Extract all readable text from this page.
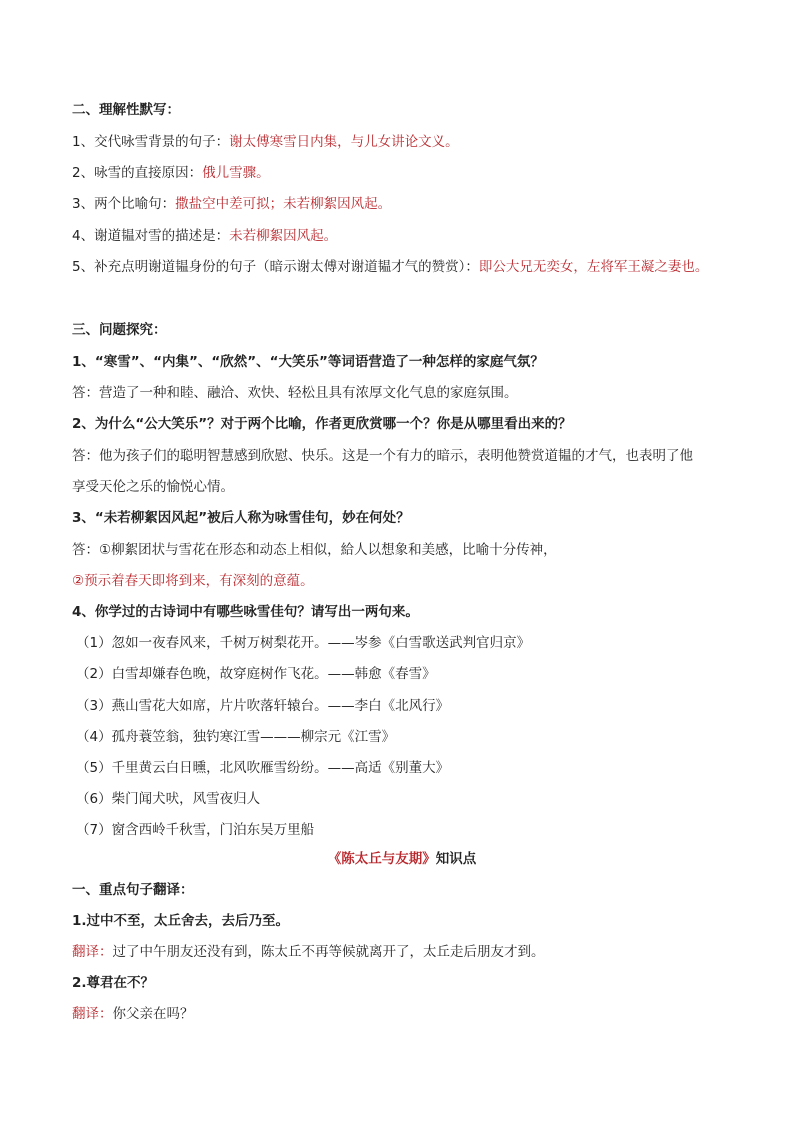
二、理解性默写：
1、交代咏雪背景的句子：谢太傅寒雪日内集，与儿女讲论文义。
2、咏雪的直接原因：俄儿雪骤。
3、两个比喻句：撒盐空中差可拟；未若柳絮因风起。
4、谢道韫对雪的描述是：未若柳絮因风起。
5、补充点明谢道韫身份的句子（暗示谢太傅对谢道韫才气的赞赏）：即公大兄无奕女，左将军王凝之妻也。
三、问题探究：
1、“寒雪”、“内集”、“欣然”、“大笑乐”等词语营造了一种怎样的家庭气氛？
答：营造了一种和睦、融洽、欢快、轻松且具有浓厚文化气息的家庭氛围。
2、为什么“公大笑乐”？对于两个比喻，作者更欣赏哪一个？你是从哪里看出来的？
答：他为孩子们的聪明智慧感到欣慰、快乐。这是一个有力的暗示，表明他赞赏道韫的才气，也表明了他
享受天伦之乐的愉悦心情。
3、“未若柳絮因风起”被后人称为咏雪佳句，妙在何处？
答：①柳絮团状与雪花在形态和动态上相似，給人以想象和美感，比喻十分传神，
②预示着春天即将到来，有深刻的意蕴。
4、你学过的古诗词中有哪些咏雪佳句？请写出一两句来。
（1）忽如一夜春风来，千树万树梨花开。——岑参《白雪歌送武判官归京》
（2）白雪却嫌春色晚，故穿庭树作飞花。——韩愈《春雪》
（3）燕山雪花大如席，片片吹落轩辕台。——李白《北风行》
（4）孤舟蓑笠翁，独钓寒江雪———柳宗元《江雪》
（5）千里黄云白日曛，北风吹雁雪纷纷。——高适《别董大》
（6）柴门闻犬吠，风雪夜归人
（7）窗含西岭千秋雪，门泊东吴万里船
《陈太丘与友期》知识点
一、重点句子翻译：
1.过中不至，太丘舍去，去后乃至。
翻译：过了中午朋友还没有到，陈太丘不再等候就离开了，太丘走后朋友才到。
2.尊君在不？
翻译：你父亲在吗？
